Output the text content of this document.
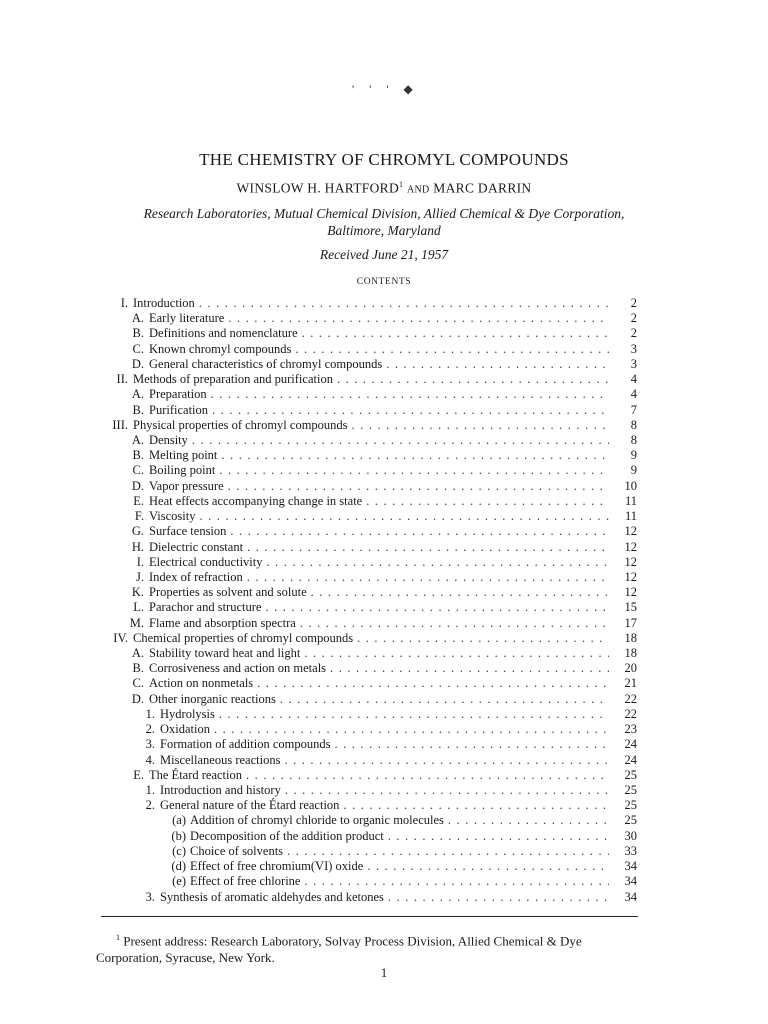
' ' ' ◆
THE CHEMISTRY OF CHROMYL COMPOUNDS
WINSLOW H. HARTFORD$^1$ AND MARC DARRIN
Research Laboratories, Mutual Chemical Division, Allied Chemical & Dye Corporation,
Baltimore, Maryland
Received June 21, 1957
CONTENTS
I. Introduction . . .	2
A. Early literature . . .	2
B. Definitions and nomenclature . . .	2
C. Known chromyl compounds . . .	3
D. General characteristics of chromyl compounds . . .	3
II. Methods of preparation and purification . . .	4
A. Preparation . . .	4
B. Purification . . .	7
III. Physical properties of chromyl compounds . . .	8
A. Density . . .	8
B. Melting point . . .	9
C. Boiling point . . .	9
D. Vapor pressure . . .	10
E. Heat effects accompanying change in state . . .	11
F. Viscosity . . .	11
G. Surface tension . . .	12
H. Dielectric constant . . .	12
I. Electrical conductivity . . .	12
J. Index of refraction . . .	12
K. Properties as solvent and solute . . .	12
L. Parachor and structure . . .	15
M. Flame and absorption spectra . . .	17
IV. Chemical properties of chromyl compounds . . .	18
A. Stability toward heat and light . . .	18
B. Corrosiveness and action on metals . . .	20
C. Action on nonmetals . . .	21
D. Other inorganic reactions . . .	22
1. Hydrolysis . . .	22
2. Oxidation . . .	23
3. Formation of addition compounds . . .	24
4. Miscellaneous reactions . . .	24
E. The Étard reaction . . .	25
1. Introduction and history . . .	25
2. General nature of the Étard reaction . . .	25
(a) Addition of chromyl chloride to organic molecules . . .	25
(b) Decomposition of the addition product . . .	30
(c) Choice of solvents . . .	33
(d) Effect of free chromium(VI) oxide . . .	34
(e) Effect of free chlorine . . .	34
3. Synthesis of aromatic aldehydes and ketones . . .	34
$^1$ Present address: Research Laboratory, Solvay Process Division, Allied Chemical & Dye Corporation, Syracuse, New York.
1
